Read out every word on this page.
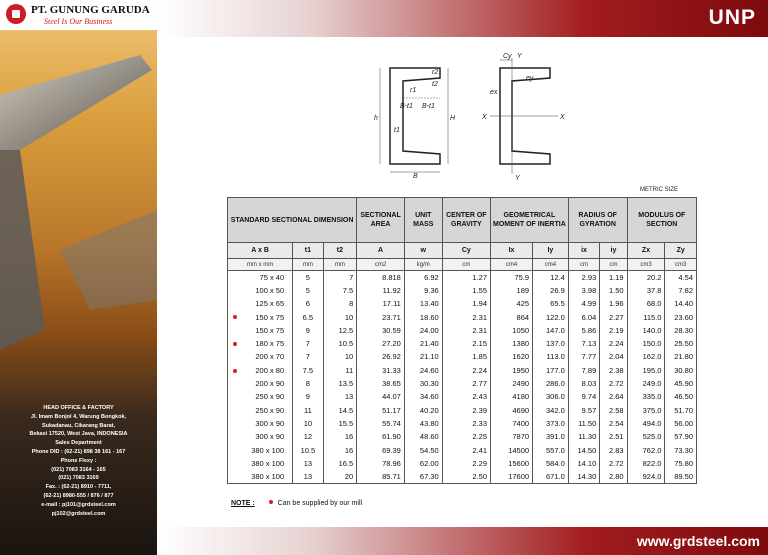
PT. GUNUNG GARUDA
Steel Is Our Business
HEAD OFFICE & FACTORY
Jl. Imam Bonjol 4, Warung Bongkok,
Sukadanau, Cikarang Barat,
Bekasi 17520, West Java, INDONESIA
Sales Department
Phone DID : (62-21) 898 38 161 - 167
Phone Flexy :
(021) 7083 3164 - 165
(021) 7083 3169
Fax. : (62-21) 8910 - 7711,
(62-21) 8980-555 / 876 / 877
e-mail : pj101@grdsteel.com
pj102@grdsteel.com
UNP
h	H
B
r1
r2
B-t1 B-t1
t1
t2
Cy Y
Y
X	X
ey
ex
METRIC SIZE
STANDARD SECTIONAL DIMENSION			SECTIONAL AREA	UNIT MASS	CENTER OF GRAVITY	GEOMETRICAL MOMENT OF INERTIA		RADIUS OF GYRATION		MODULUS OF SECTION	
A x B	t1	t2	A	w	Cy	Ix	Iy	ix	iy	Zx	Zy
mm x mm	mm	mm	cm2	kg/m	cm	cm4	cm4	cm	cm	cm3	cm3
75 x 40	5	7	8.818	6.92	1.27	75.9	12.4	2.93	1.19	20.2	4.54
100 x 50	5	7.5	11.92	9.36	1.55	189	26.9	3.98	1.50	37.8	7.82
125 x 65	6	8	17.11	13.40	1.94	425	65.5	4.99	1.96	68.0	14.40

150 x 75	6.5	10	23.71	18.60	2.31	864	122.0	6.04	2.27	115.0	23.60
150 x 75	9	12.5	30.59	24.00	2.31	1050	147.0	5.86	2.19	140.0	28.30

180 x 75	7	10.5	27.20	21.40	2.15	1380	137.0	7.13	2.24	150.0	25.50
200 x 70	7	10	26.92	21.10	1.85	1620	113.0	7.77	2.04	162.0	21.80

200 x 80	7.5	11	31.33	24.60	2.24	1950	177.0	7.89	2.38	195.0	30.80
200 x 90	8	13.5	38.65	30.30	2.77	2490	286.0	8.03	2.72	249.0	45.90
250 x 90	9	13	44.07	34.60	2.43	4180	306.0	9.74	2.64	335.0	46.50
250 x 90	11	14.5	51.17	40.20	2.39	4690	342.0	9.57	2.58	375.0	51.70
300 x 90	10	15.5	55.74	43.80	2.33	7400	373.0	11.50	2.54	494.0	56.00
300 x 90	12	16	61.90	48.60	2.25	7870	391.0	11.30	2.51	525.0	57.90
380 x 100	10.5	16	69.39	54.50	2.41	14500	557.0	14.50	2.83	762.0	73.30
380 x 100	13	16.5	78.96	62.00	2.29	15600	584.0	14.10	2.72	822.0	75.80
380 x 100	13	20	85.71	67.30	2.50	17600	671.0	14.30	2.80	924.0	89.50
NOTE :	Can be supplied by our mill
www.grdsteel.com
